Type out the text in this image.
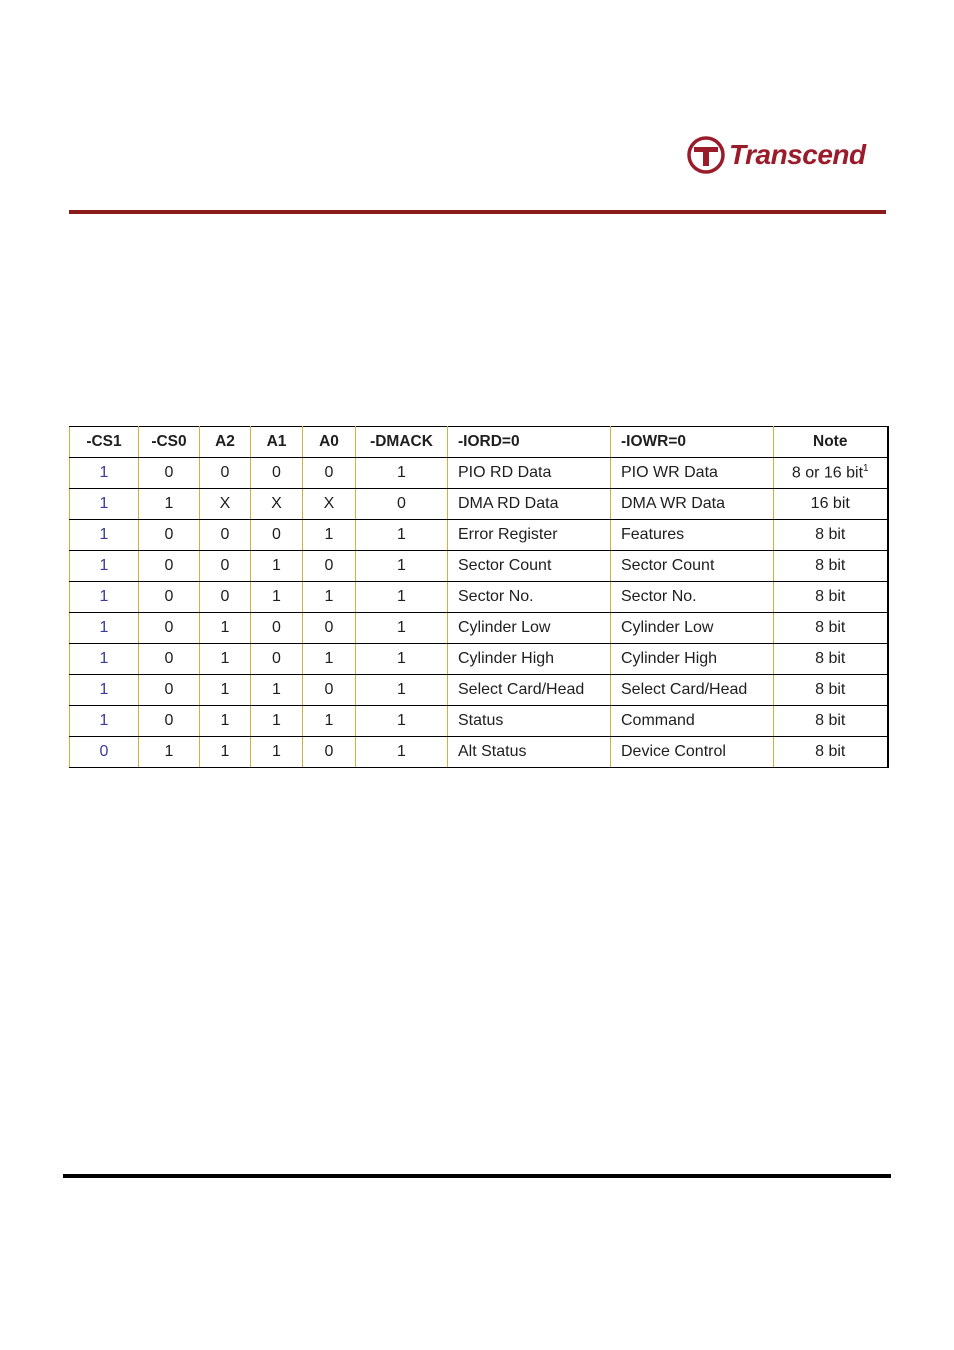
Transcend
-CS1	-CS0	A2	A1	A0	-DMACK	-IORD=0	-IOWR=0	Note
1	0	0	0	0	1	PIO RD Data	PIO WR Data	8 or 16 bit$^1$
1	1	X	X	X	0	DMA RD Data	DMA WR Data	16 bit
1	0	0	0	1	1	Error Register	Features	8 bit
1	0	0	1	0	1	Sector Count	Sector Count	8 bit
1	0	0	1	1	1	Sector No.	Sector No.	8 bit
1	0	1	0	0	1	Cylinder Low	Cylinder Low	8 bit
1	0	1	0	1	1	Cylinder High	Cylinder High	8 bit
1	0	1	1	0	1	Select Card/Head	Select Card/Head	8 bit
1	0	1	1	1	1	Status	Command	8 bit
0	1	1	1	0	1	Alt Status	Device Control	8 bit
